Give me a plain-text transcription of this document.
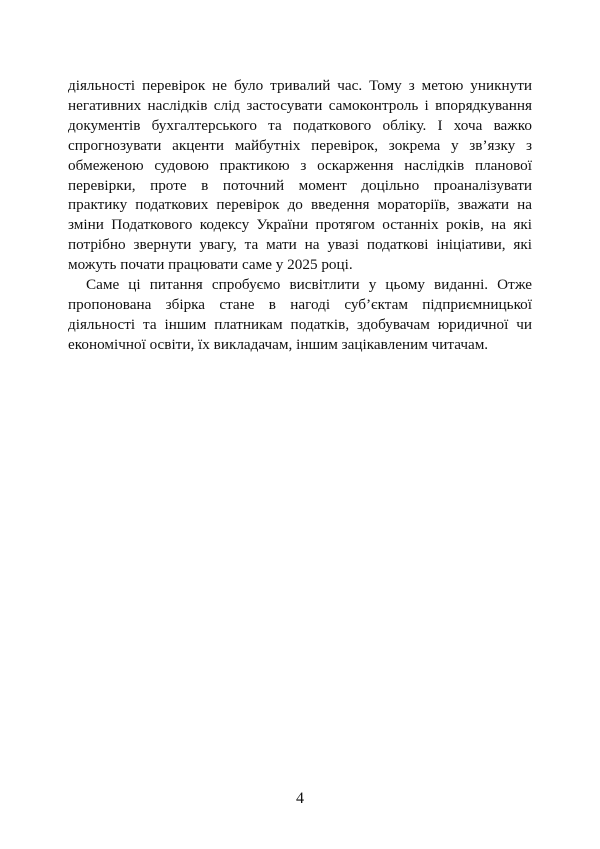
діяльності перевірок не було тривалий час. Тому з метою уникнути
негативних наслідків слід застосувати самоконтроль і впорядкування
документів бухгалтерського та податкового обліку. І хоча важко
спрогнозувати акценти майбутніх перевірок, зокрема у зв’язку з
обмеженою судовою практикою з оскарження наслідків планової
перевірки, проте в поточний момент доцільно проаналізувати
практику податкових перевірок до введення мораторіїв, зважати на
зміни Податкового кодексу України протягом останніх років, на які
потрібно звернути увагу, та мати на увазі податкові ініціативи, які
можуть почати працювати саме у 2025 році.
Саме ці питання спробуємо висвітлити у цьому виданні. Отже
пропонована збірка стане в нагоді суб’єктам підприємницької
діяльності та іншим платникам податків, здобувачам юридичної чи
економічної освіти, їх викладачам, іншим зацікавленим читачам.
4
